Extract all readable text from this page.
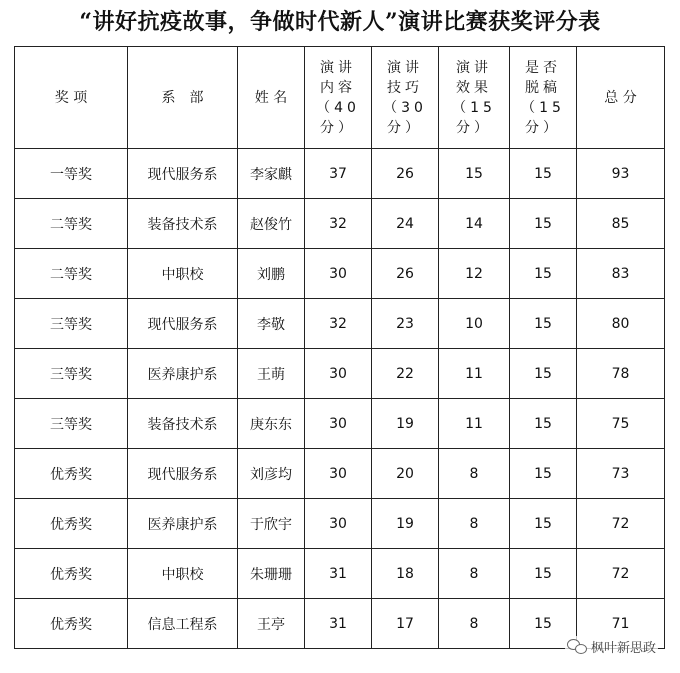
“讲好抗疫故事，争做时代新人”演讲比赛获奖评分表
奖 项	系　部	姓 名	演讲
内容
（40
分）	演讲
技巧
（30
分）	演讲
效果
（15
分）	是否
脱稿
（15
分）	总 分
一等奖	现代服务系	李家麒	37	26	15	15	93
二等奖	装备技术系	赵俊竹	32	24	14	15	85
二等奖	中职校	刘鹏	30	26	12	15	83
三等奖	现代服务系	李敬	32	23	10	15	80
三等奖	医养康护系	王萌	30	22	11	15	78
三等奖	装备技术系	庚东东	30	19	11	15	75
优秀奖	现代服务系	刘彦均	30	20	8	15	73
优秀奖	医养康护系	于欣宇	30	19	8	15	72
优秀奖	中职校	朱珊珊	31	18	8	15	72
优秀奖	信息工程系	王亭	31	17	8	15	71
枫叶新思政
